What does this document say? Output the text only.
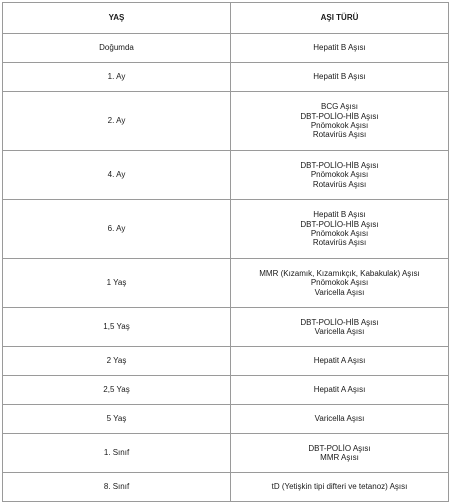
YAŞ	AŞI TÜRÜ
Doğumda	Hepatit B Aşısı

1. Ay	Hepatit B Aşısı

2. Ay	BCG Aşısı
DBT-POLİO-HİB Aşısı
Pnömokok Aşısı
Rotavirüs Aşısı

4. Ay	DBT-POLİO-HİB Aşısı
Pnömokok Aşısı
Rotavirüs Aşısı

6. Ay	Hepatit B Aşısı
DBT-POLİO-HİB Aşısı
Pnömokok Aşısı
Rotavirüs Aşısı

1 Yaş	MMR (Kızamık, Kızamıkçık, Kabakulak) Aşısı
Pnömokok Aşısı
Varicella Aşısı

1,5 Yaş	DBT-POLİO-HİB Aşısı
Varicella Aşısı

2 Yaş	Hepatit A Aşısı

2,5 Yaş	Hepatit A Aşısı

5 Yaş	Varicella Aşısı

1. Sınıf	DBT-POLİO Aşısı
MMR Aşısı

8. Sınıf	tD (Yetişkin tipi difteri ve tetanoz) Aşısı
